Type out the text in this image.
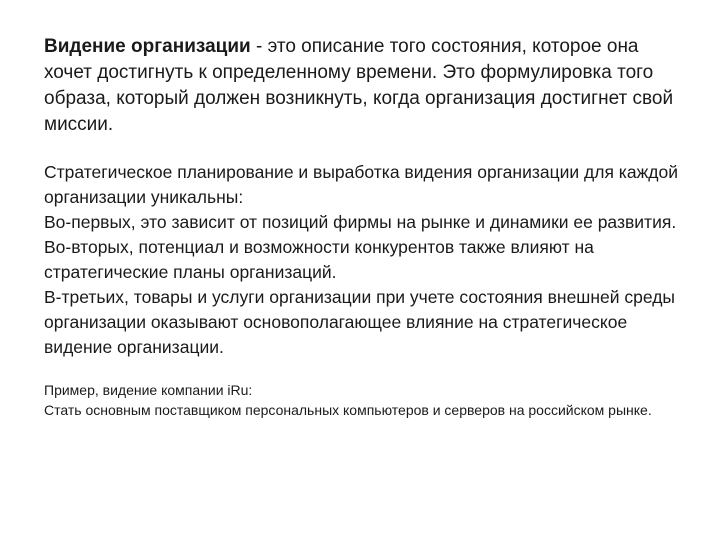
Видение организации - это описание того состояния, которое она хочет достигнуть к определенному времени. Это формулировка того образа, который должен возникнуть, когда организация достигнет свой миссии.

Стратегическое планирование и выработка видения организации для каждой организации уникальны:

Во-первых, это зависит от позиций фирмы на рынке и динамики ее развития.

Во-вторых, потенциал и возможности конкурентов также влияют на стратегические планы организаций.

В-третьих, товары и услуги организации при учете состояния внешней среды организации оказывают основополагающее влияние на стратегическое видение организации.

Пример, видение компании iRu:

Стать основным поставщиком персональных компьютеров и серверов на российском рынке.
